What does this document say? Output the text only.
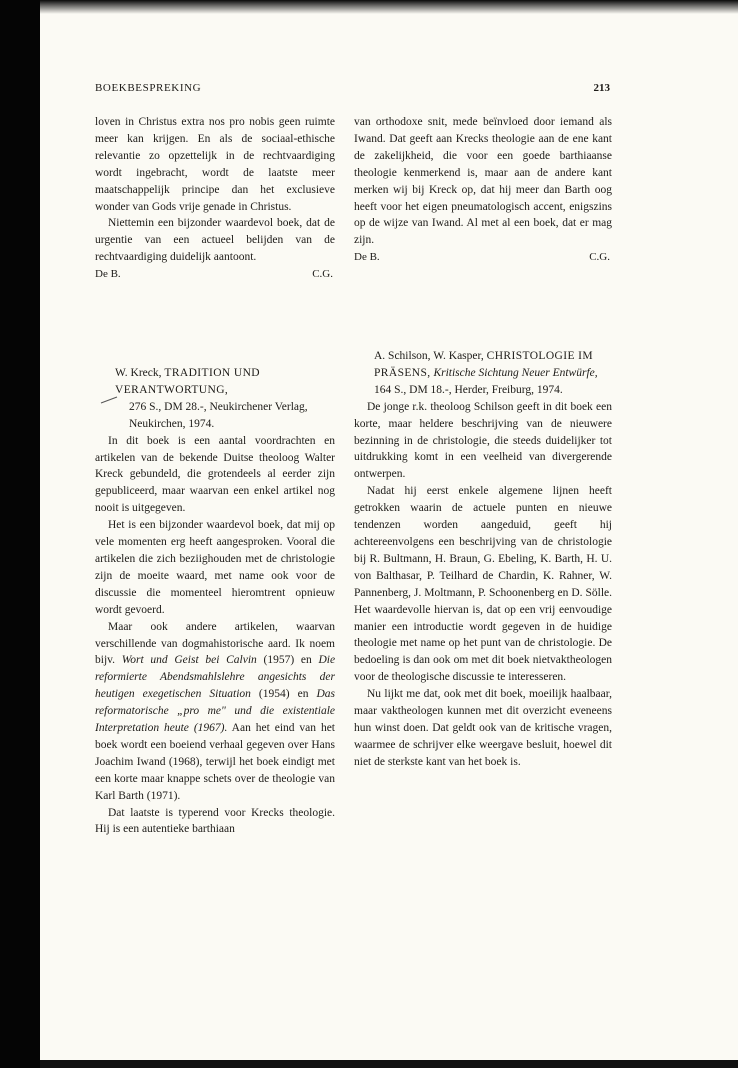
BOEKBESPREKING	213

loven in Christus extra nos pro nobis geen ruimte meer kan krijgen. En als de sociaal-ethische relevantie zo opzettelijk in de rechtvaardiging wordt ingebracht, wordt de laatste meer maatschappelijk principe dan het exclusieve wonder van Gods vrije genade in Christus.

Niettemin een bijzonder waardevol boek, dat de urgentie van een actueel belijden van de rechtvaardiging duidelijk aantoont.

De B.	C.G.

van orthodoxe snit, mede beïnvloed door iemand als Iwand. Dat geeft aan Krecks theologie aan de ene kant de zakelijkheid, die voor een goede barthiaanse theologie kenmerkend is, maar aan de andere kant merken wij bij Kreck op, dat hij meer dan Barth oog heeft voor het eigen pneumatologisch accent, enigszins op de wijze van Iwand. Al met al een boek, dat er mag zijn.

De B.	C.G.

W. Kreck, TRADITION UND VERANTWORTUNG,

276 S., DM 28.-, Neukirchener Verlag, Neukirchen, 1974.

In dit boek is een aantal voordrachten en artikelen van de bekende Duitse theoloog Walter Kreck gebundeld, die grotendeels al eerder zijn gepubliceerd, maar waarvan een enkel artikel nog nooit is uitgegeven.

Het is een bijzonder waardevol boek, dat mij op vele momenten erg heeft aangesproken. Vooral die artikelen die zich beziighouden met de christologie zijn de moeite waard, met name ook voor de discussie die momenteel hieromtrent opnieuw wordt gevoerd.

Maar ook andere artikelen, waarvan verschillende van dogmahistorische aard. Ik noem bijv. Wort und Geist bei Calvin (1957) en Die reformierte Abendsmahlslehre angesichts der heutigen exegetischen Situation (1954) en Das reformatorische „pro me" und die existentiale Interpretation heute (1967). Aan het eind van het boek wordt een boeiend verhaal gegeven over Hans Joachim Iwand (1968), terwijl het boek eindigt met een korte maar knappe schets over de theologie van Karl Barth (1971).

Dat laatste is typerend voor Krecks theologie. Hij is een autentieke barthiaan

A. Schilson, W. Kasper, CHRISTOLOGIE IM PRÄSENS, Kritische Sichtung Neuer Entwürfe, 164 S., DM 18.-, Herder, Freiburg, 1974.

De jonge r.k. theoloog Schilson geeft in dit boek een korte, maar heldere beschrijving van de nieuwere bezinning in de christologie, die steeds duidelijker tot uitdrukking komt in een veelheid van divergerende ontwerpen.

Nadat hij eerst enkele algemene lijnen heeft getrokken waarin de actuele punten en nieuwe tendenzen worden aangeduid, geeft hij achtereenvolgens een beschrijving van de christologie bij R. Bultmann, H. Braun, G. Ebeling, K. Barth, H. U. von Balthasar, P. Teilhard de Chardin, K. Rahner, W. Pannenberg, J. Moltmann, P. Schoonenberg en D. Sölle. Het waardevolle hiervan is, dat op een vrij eenvoudige manier een introductie wordt gegeven in de huidige theologie met name op het punt van de christologie. De bedoeling is dan ook om met dit boek nietvaktheologen voor de theologische discussie te interesseren.

Nu lijkt me dat, ook met dit boek, moeilijk haalbaar, maar vaktheologen kunnen met dit overzicht eveneens hun winst doen. Dat geldt ook van de kritische vragen, waarmee de schrijver elke weergave besluit, hoewel dit niet de sterkste kant van het boek is.
